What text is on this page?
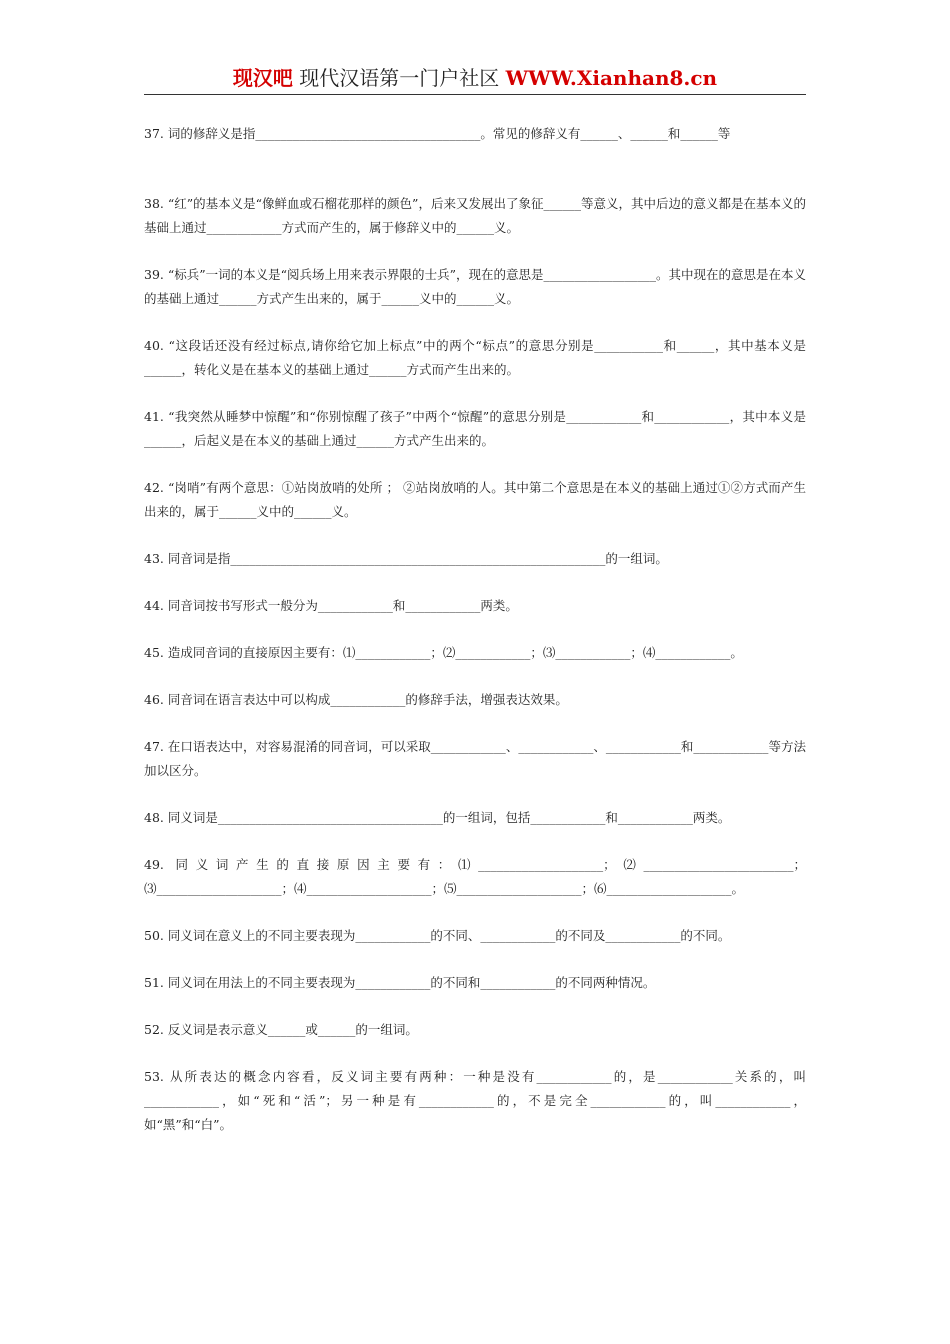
现汉吧 现代汉语第一门户社区 WWW.Xianhan8.cn

37. 词的修辞义是指____________________________________。常见的修辞义有______、______和______等

38. “红”的基本义是“像鲜血或石榴花那样的颜色”，后来又发展出了象征______等意义，其中后边的意义都是在基本义的基础上通过____________方式而产生的，属于修辞义中的______义。

39. “标兵”一词的本义是“阅兵场上用来表示界限的士兵”，现在的意思是__________________。其中现在的意思是在本义的基础上通过______方式产生出来的，属于______义中的______义。

40. “这段话还没有经过标点,请你给它加上标点”中的两个“标点”的意思分别是___________和______，其中基本义是______，转化义是在基本义的基础上通过______方式而产生出来的。

41. “我突然从睡梦中惊醒”和“你别惊醒了孩子”中两个“惊醒”的意思分别是____________和____________，其中本义是______，后起义是在本义的基础上通过______方式产生出来的。

42. “岗哨”有两个意思：①站岗放哨的处所 ； ②站岗放哨的人。其中第二个意思是在本义的基础上通过①②方式而产生出来的，属于______义中的______义。

43. 同音词是指____________________________________________________________的一组词。

44. 同音词按书写形式一般分为____________和____________两类。

45. 造成同音词的直接原因主要有：⑴____________；⑵____________；⑶____________；⑷____________。

46. 同音词在语言表达中可以构成____________的修辞手法，增强表达效果。

47. 在口语表达中，对容易混淆的同音词，可以采取____________、____________、____________和____________等方法加以区分。

48. 同义词是____________________________________的一组词，包括____________和____________两类。

49. 同义词产生的直接原因主要有：⑴____________________；⑵________________________；⑶____________________；⑷____________________；⑸____________________；⑹____________________。

50. 同义词在意义上的不同主要表现为____________的不同、____________的不同及____________的不同。

51. 同义词在用法上的不同主要表现为____________的不同和____________的不同两种情况。

52. 反义词是表示意义______或______的一组词。

53. 从所表达的概念内容看，反义词主要有两种：一种是没有____________的，是____________关系的，叫____________，如“死和“活”；另一种是有____________的，不是完全____________的，叫____________，如“黑”和“白”。
